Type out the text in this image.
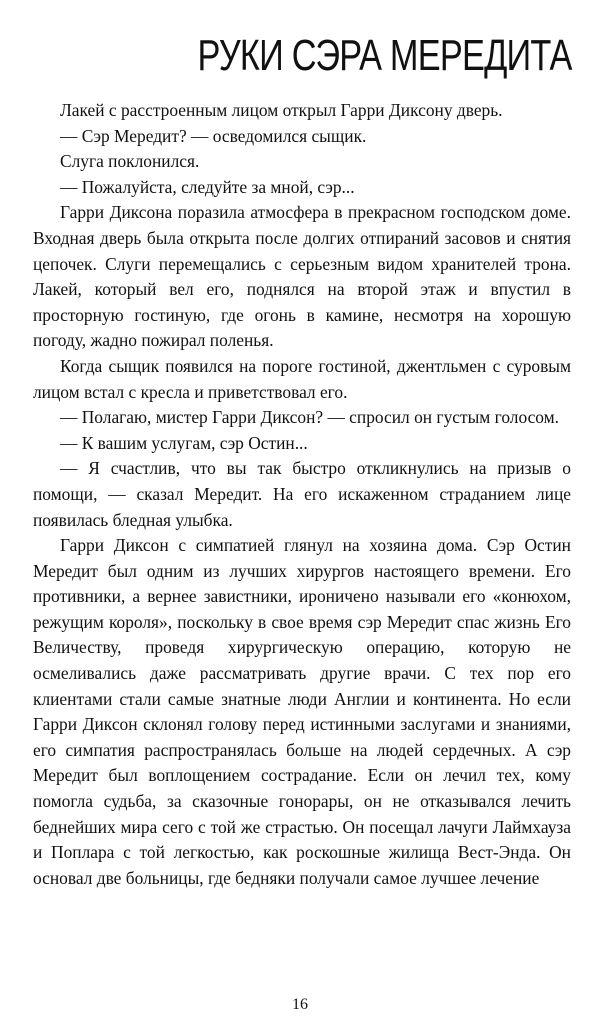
РУКИ СЭРА МЕРЕДИТА

Лакей с расстроенным лицом открыл Гарри Диксону дверь.

— Сэр Мередит? — осведомился сыщик.

Слуга поклонился.

— Пожалуйста, следуйте за мной, сэр...

Гарри Диксона поразила атмосфера в прекрасном господском доме. Входная дверь была открыта после долгих отпираний засовов и снятия цепочек. Слуги перемещались с серьезным видом хранителей трона. Лакей, который вел его, поднялся на второй этаж и впустил в просторную гостиную, где огонь в камине, несмотря на хорошую погоду, жадно пожирал поленья.

Когда сыщик появился на пороге гостиной, джентльмен с суровым лицом встал с кресла и приветствовал его.

— Полагаю, мистер Гарри Диксон? — спросил он густым голосом.

— К вашим услугам, сэр Остин...

— Я счастлив, что вы так быстро откликнулись на призыв о помощи, — сказал Мередит. На его искаженном страданием лице появилась бледная улыбка.

Гарри Диксон с симпатией глянул на хозяина дома. Сэр Остин Мередит был одним из лучших хирургов настоящего времени. Его противники, а вернее завистники, ироничено называли его «конюхом, режущим короля», поскольку в свое время сэр Мередит спас жизнь Его Величеству, проведя хирургическую операцию, которую не осмеливались даже рассматривать другие врачи. С тех пор его клиентами стали самые знатные люди Англии и континента. Но если Гарри Диксон склонял голову перед истинными заслугами и знаниями, его симпатия распространялась больше на людей сердечных. А сэр Мередит был воплощением сострадание. Если он лечил тех, кому помогла судьба, за сказочные гонорары, он не отказывался лечить беднейших мира сего с той же страстью. Он посещал лачуги Лаймхауза и Поплара с той легкостью, как роскошные жилища Вест-Энда. Он основал две больницы, где бедняки получали самое лучшее лечение

16
